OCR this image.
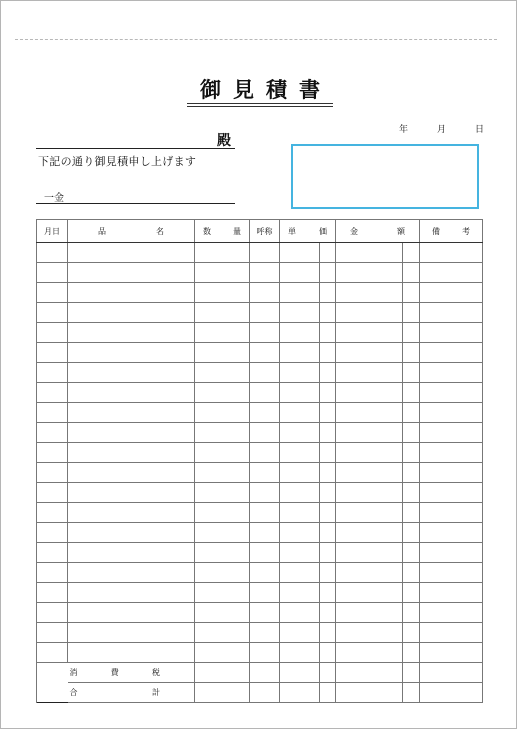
御見積書
年	月	日
殿
下記の通り御見積申し上げます
一金
月日	品 名	数 量	呼称	単 価		金 額		備 考

	消 費 税							

	合 計							
